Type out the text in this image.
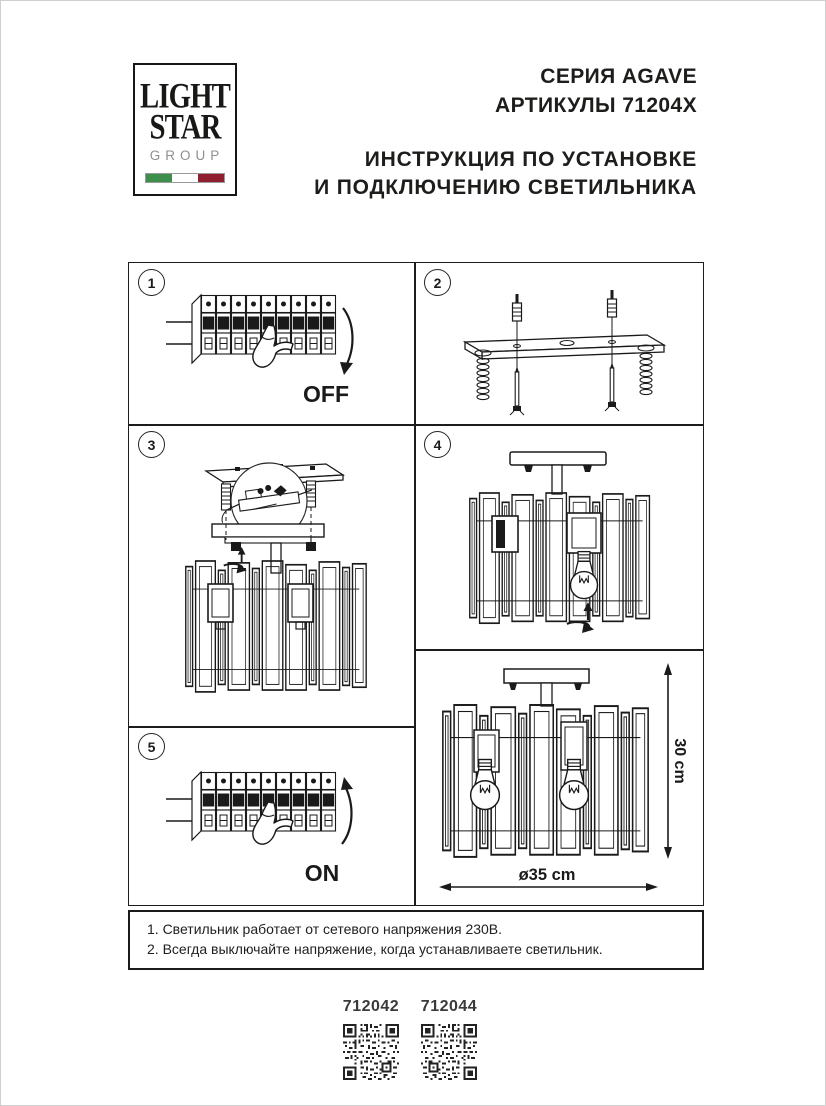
LIGHT
STAR
GROUP
СЕРИЯ AGAVE
АРТИКУЛЫ 71204X
ИНСТРУКЦИЯ ПО УСТАНОВКЕ
И ПОДКЛЮЧЕНИЮ СВЕТИЛЬНИКА
1	2
3	4
5
OFF
ON
30 cm
ø35 cm
1. Светильник работает от сетевого напряжения 230В.
2. Всегда выключайте напряжение, когда устанавливаете светильник.
712042	712044
